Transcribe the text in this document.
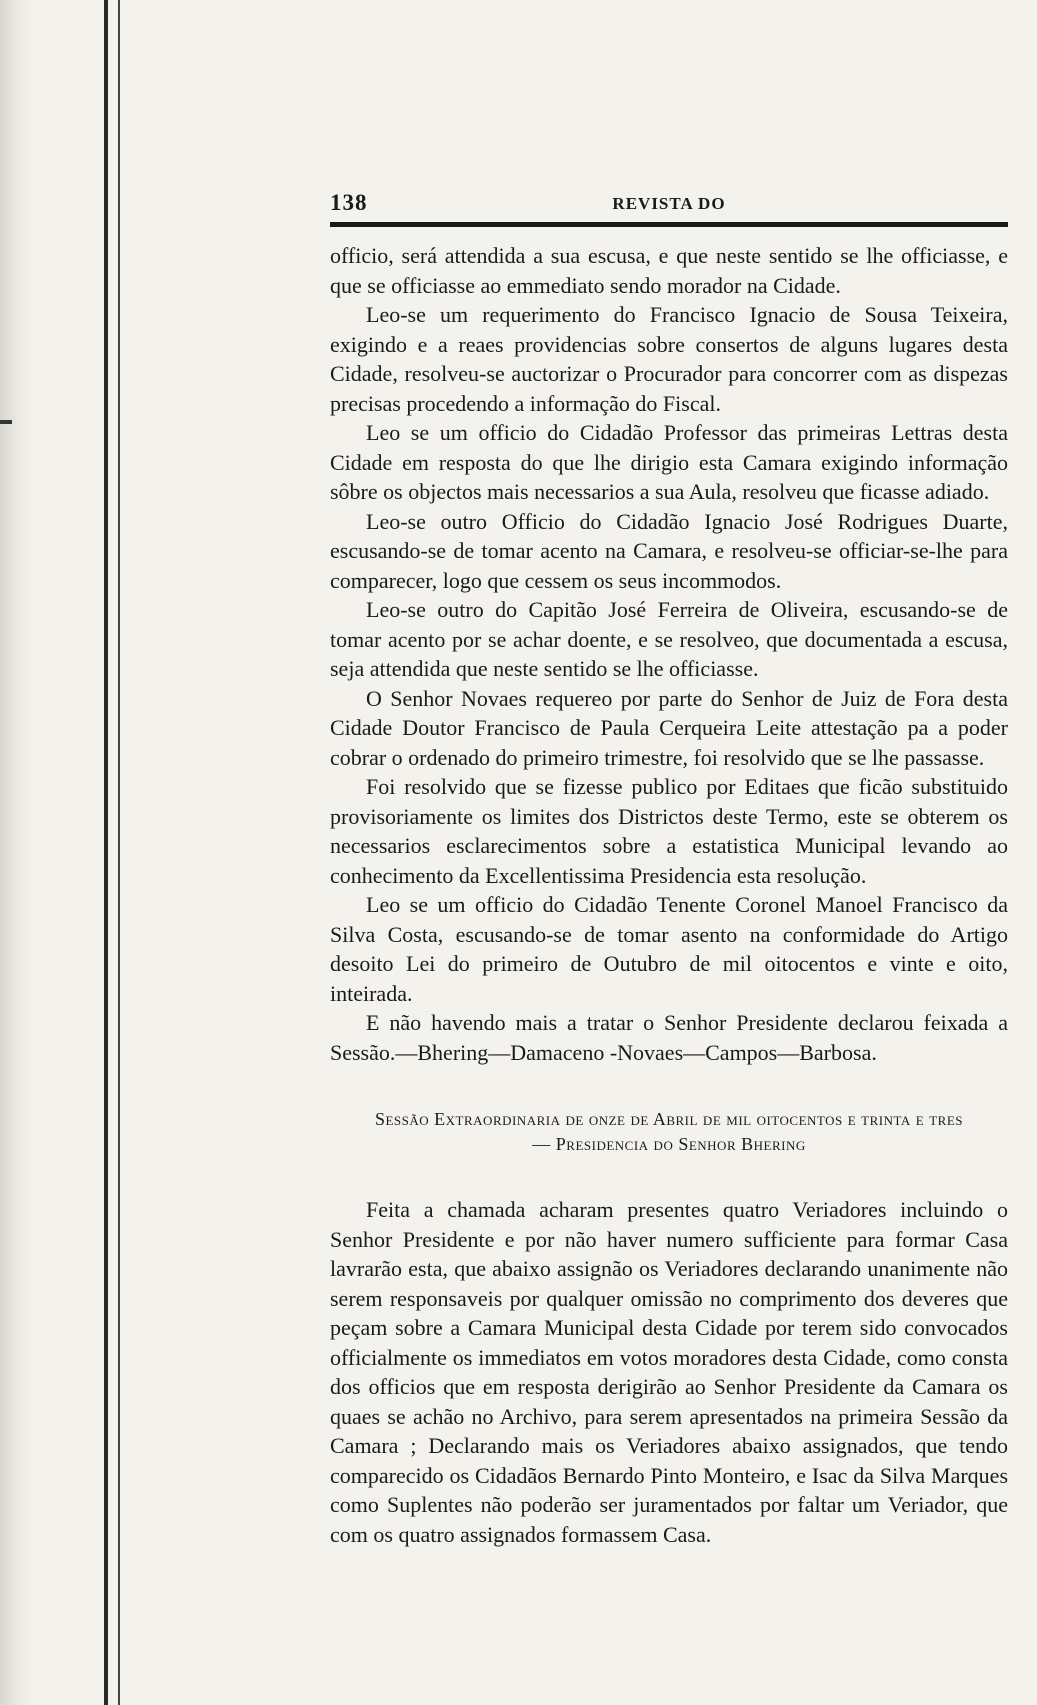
138	REVISTA DO

officio, será attendida a sua escusa, e que neste sentido se lhe officiasse, e que se officiasse ao emmediato sendo morador na Cidade.

Leo-se um requerimento do Francisco Ignacio de Sousa Teixeira, exigindo e a reaes providencias sobre consertos de alguns lugares desta Cidade, resolveu-se auctorizar o Procurador para concorrer com as dispezas precisas procedendo a informação do Fiscal.

Leo se um officio do Cidadão Professor das primeiras Lettras desta Cidade em resposta do que lhe dirigio esta Camara exigindo informação sôbre os objectos mais necessarios a sua Aula, resolveu que ficasse adiado.

Leo-se outro Officio do Cidadão Ignacio José Rodrigues Duarte, escusando-se de tomar acento na Camara, e resolveu-se officiar-se-lhe para comparecer, logo que cessem os seus incommodos.

Leo-se outro do Capitão José Ferreira de Oliveira, escusando-se de tomar acento por se achar doente, e se resolveo, que documentada a escusa, seja attendida que neste sentido se lhe officiasse.

O Senhor Novaes requereo por parte do Senhor de Juiz de Fora desta Cidade Doutor Francisco de Paula Cerqueira Leite attestação pa a poder cobrar o ordenado do primeiro trimestre, foi resolvido que se lhe passasse.

Foi resolvido que se fizesse publico por Editaes que ficão substituido provisoriamente os limites dos Districtos deste Termo, este se obterem os necessarios esclarecimentos sobre a estatistica Municipal levando ao conhecimento da Excellentissima Presidencia esta resolução.

Leo se um officio do Cidadão Tenente Coronel Manoel Francisco da Silva Costa, escusando-se de tomar asento na conformidade do Artigo desoito Lei do primeiro de Outubro de mil oitocentos e vinte e oito, inteirada.

E não havendo mais a tratar o Senhor Presidente declarou feixada a Sessão.—Bhering—Damaceno -Novaes—Campos—Barbosa.

Sessão Extraordinaria de onze de Abril de mil oitocentos e trinta e tres
— Presidencia do Senhor Bhering

Feita a chamada acharam presentes quatro Veriadores incluindo o Senhor Presidente e por não haver numero sufficiente para formar Casa lavrarão esta, que abaixo assignão os Veriadores declarando unanimente não serem responsaveis por qualquer omissão no comprimento dos deveres que peçam sobre a Camara Municipal desta Cidade por terem sido convocados officialmente os immediatos em votos moradores desta Cidade, como consta dos officios que em resposta derigirão ao Senhor Presidente da Camara os quaes se achão no Archivo, para serem apresentados na primeira Sessão da Camara ; Declarando mais os Veriadores abaixo assignados, que tendo comparecido os Cidadãos Bernardo Pinto Monteiro, e Isac da Silva Marques como Suplentes não poderão ser juramentados por faltar um Veriador, que com os quatro assignados formassem Casa.
